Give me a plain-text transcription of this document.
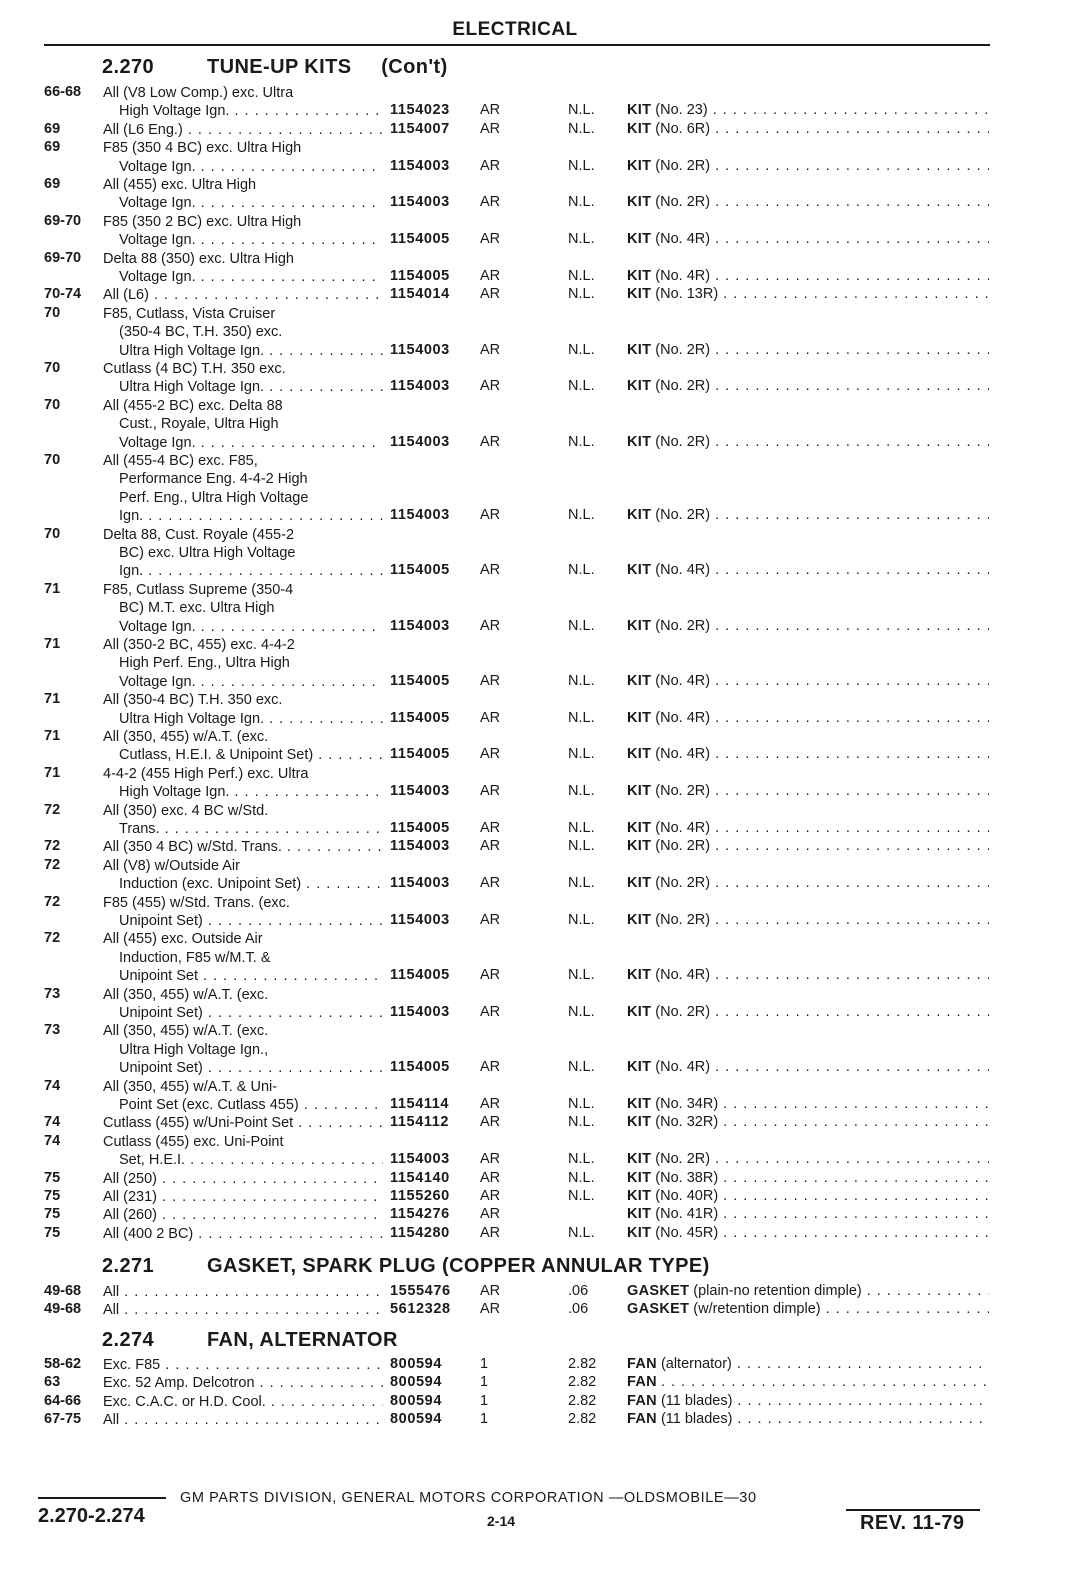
ELECTRICAL
2.270	TUNE-UP KITS (Con't)
66-68 All (V8 Low Comp.) exc. Ultra
High Voltage Ign. . . .	1154023 AR	N.L. KIT (No. 23) . . .
69	All (L6 Eng.) . . .	1154007 AR	N.L. KIT (No. 6R) . . .
69	F85 (350 4 BC) exc. Ultra High
Voltage Ign. . . .	1154003 AR	N.L. KIT (No. 2R) . . .
69	All (455) exc. Ultra High
Voltage Ign. . . .	1154003 AR	N.L. KIT (No. 2R) . . .
69-70 F85 (350 2 BC) exc. Ultra High
Voltage Ign. . . .	1154005 AR	N.L. KIT (No. 4R) . . .
69-70 Delta 88 (350) exc. Ultra High
Voltage Ign. . . .	1154005 AR	N.L. KIT (No. 4R) . . .
70-74 All (L6) . . .	1154014 AR	N.L. KIT (No. 13R) . . .
70	F85, Cutlass, Vista Cruiser
(350-4 BC, T.H. 350) exc.
Ultra High Voltage Ign. . . .	1154003 AR	N.L. KIT (No. 2R) . . .
70	Cutlass (4 BC) T.H. 350 exc.
Ultra High Voltage Ign. . . .	1154003 AR	N.L. KIT (No. 2R) . . .
70	All (455-2 BC) exc. Delta 88
Cust., Royale, Ultra High
Voltage Ign. . . .	1154003 AR	N.L. KIT (No. 2R) . . .
70	All (455-4 BC) exc. F85,
Performance Eng. 4-4-2 High
Perf. Eng., Ultra High Voltage
Ign. . . .	1154003 AR	N.L. KIT (No. 2R) . . .
70	Delta 88, Cust. Royale (455-2
BC) exc. Ultra High Voltage
Ign. . . .	1154005 AR	N.L. KIT (No. 4R) . . .
71	F85, Cutlass Supreme (350-4
BC) M.T. exc. Ultra High
Voltage Ign. . . .	1154003 AR	N.L. KIT (No. 2R) . . .
71	All (350-2 BC, 455) exc. 4-4-2
High Perf. Eng., Ultra High
Voltage Ign. . . .	1154005 AR	N.L. KIT (No. 4R) . . .
71	All (350-4 BC) T.H. 350 exc.
Ultra High Voltage Ign. . . .	1154005 AR	N.L. KIT (No. 4R) . . .
71	All (350, 455) w/A.T. (exc.
Cutlass, H.E.I. & Unipoint Set) . . .	1154005 AR	N.L. KIT (No. 4R) . . .
71	4-4-2 (455 High Perf.) exc. Ultra
High Voltage Ign. . . .	1154003 AR	N.L. KIT (No. 2R) . . .
72	All (350) exc. 4 BC w/Std.
Trans. . . .	1154005 AR	N.L. KIT (No. 4R) . . .
72	All (350 4 BC) w/Std. Trans. . . .	1154003 AR	N.L. KIT (No. 2R) . . .
72	All (V8) w/Outside Air
Induction (exc. Unipoint Set) . . .	1154003 AR	N.L. KIT (No. 2R) . . .
72	F85 (455) w/Std. Trans. (exc.
Unipoint Set) . . .	1154003 AR	N.L. KIT (No. 2R) . . .
72	All (455) exc. Outside Air
Induction, F85 w/M.T. &
Unipoint Set . . .	1154005 AR	N.L. KIT (No. 4R) . . .
73	All (350, 455) w/A.T. (exc.
Unipoint Set) . . .	1154003 AR	N.L. KIT (No. 2R) . . .
73	All (350, 455) w/A.T. (exc.
Ultra High Voltage Ign.,
Unipoint Set) . . .	1154005 AR	N.L. KIT (No. 4R) . . .
74	All (350, 455) w/A.T. & Uni-
Point Set (exc. Cutlass 455) . . .	1154114 AR	N.L. KIT (No. 34R) . . .
74	Cutlass (455) w/Uni-Point Set . . .	1154112 AR	N.L. KIT (No. 32R) . . .
74	Cutlass (455) exc. Uni-Point
Set, H.E.I. . . .	1154003 AR	N.L. KIT (No. 2R) . . .
75	All (250) . . .	1154140 AR	N.L. KIT (No. 38R) . . .
75	All (231) . . .	1155260 AR	N.L. KIT (No. 40R) . . .
75	All (260) . . .	1154276 AR	KIT (No. 41R) . . .
75	All (400 2 BC) . . .	1154280 AR	N.L. KIT (No. 45R) . . .
2.271	GASKET, SPARK PLUG (COPPER ANNULAR TYPE)
49-68 All . . .	1555476 AR	.06	GASKET (plain-no retention dimple) . . .
49-68 All . . .	5612328 AR	.06	GASKET (w/retention dimple) . . .
2.274	FAN, ALTERNATOR
58-62 Exc. F85 . . .	800594	1	2.82 FAN (alternator) . . .
63	Exc. 52 Amp. Delcotron . . .	800594	1	2.82 FAN . . .
64-66 Exc. C.A.C. or H.D. Cool. . . .	800594	1	2.82 FAN (11 blades) . . .
67-75 All . . .	800594	1	2.82 FAN (11 blades) . . .
2.270-2.274
GM PARTS DIVISION, GENERAL MOTORS CORPORATION —OLDSMOBILE—30
2-14	REV. 11-79
